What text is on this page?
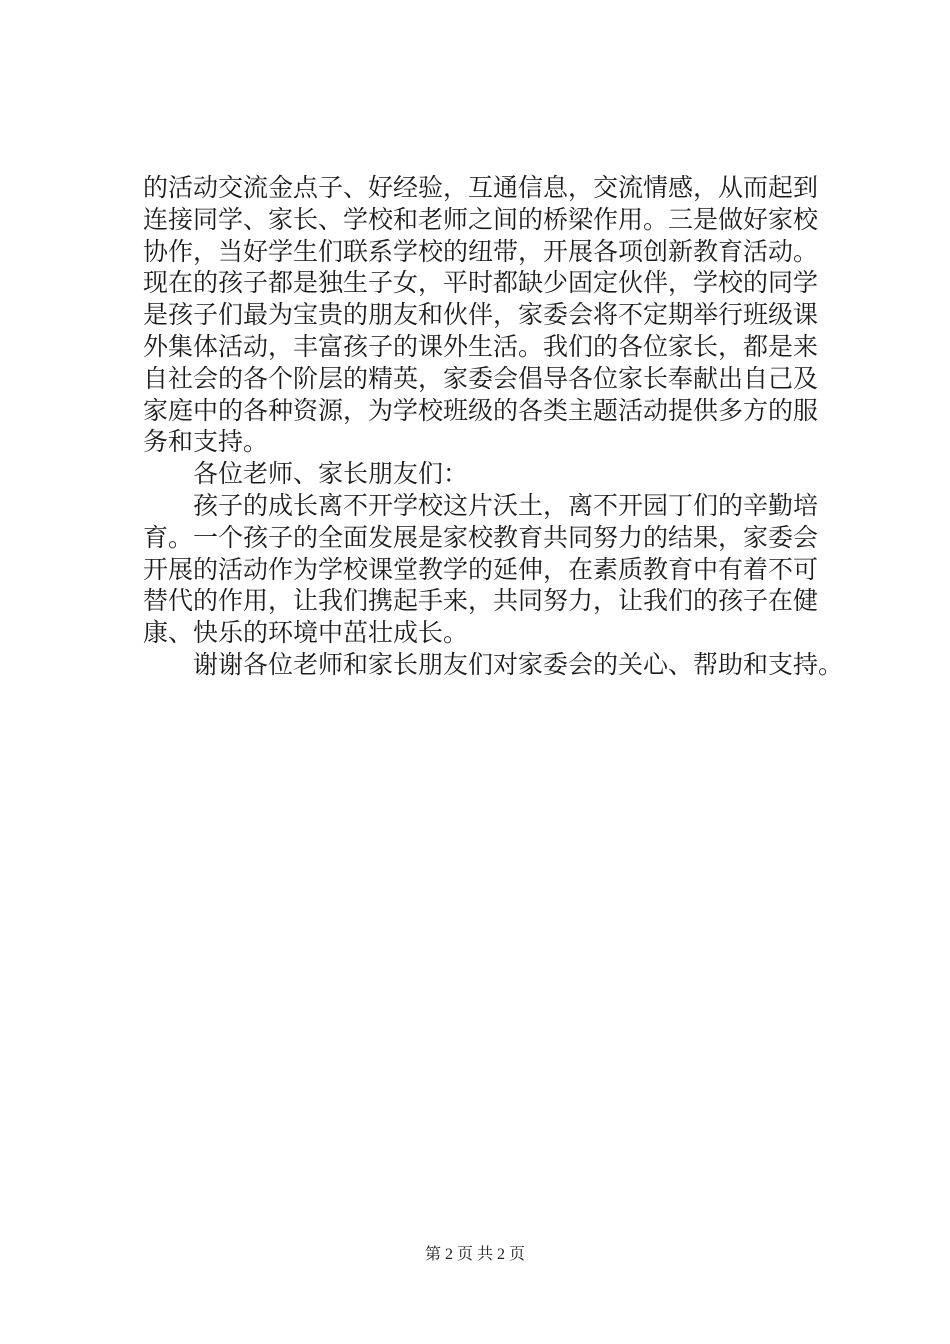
的活动交流金点子、好经验，互通信息，交流情感，从而起到
连接同学、家长、学校和老师之间的桥梁作用。三是做好家校
协作，当好学生们联系学校的纽带，开展各项创新教育活动。
现在的孩子都是独生子女，平时都缺少固定伙伴，学校的同学
是孩子们最为宝贵的朋友和伙伴，家委会将不定期举行班级课
外集体活动，丰富孩子的课外生活。我们的各位家长，都是来
自社会的各个阶层的精英，家委会倡导各位家长奉献出自己及
家庭中的各种资源，为学校班级的各类主题活动提供多方的服
务和支持。
　　各位老师、家长朋友们：
　　孩子的成长离不开学校这片沃土，离不开园丁们的辛勤培
育。一个孩子的全面发展是家校教育共同努力的结果，家委会
开展的活动作为学校课堂教学的延伸，在素质教育中有着不可
替代的作用，让我们携起手来，共同努力，让我们的孩子在健
康、快乐的环境中茁壮成长。
　　谢谢各位老师和家长朋友们对家委会的关心、帮助和支持。
第 2 页 共 2 页
